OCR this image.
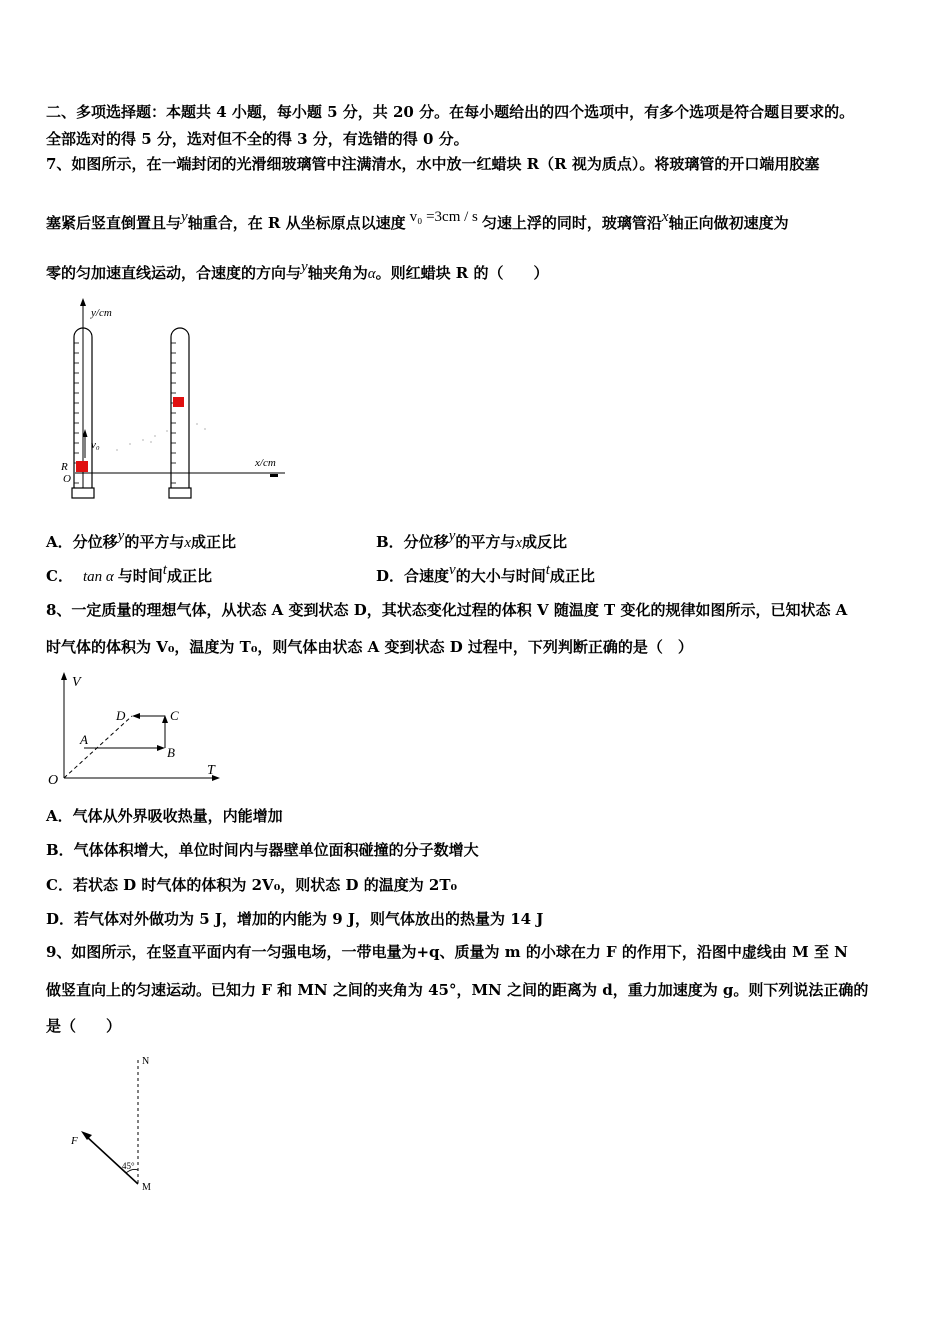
二、多项选择题：本题共 4 小题，每小题 5 分，共 20 分。在每小题给出的四个选项中，有多个选项是符合题目要求的。
全部选对的得 5 分，选对但不全的得 3 分，有选错的得 0 分。
7、如图所示，在一端封闭的光滑细玻璃管中注满清水，水中放一红蜡块 R（R 视为质点）。将玻璃管的开口端用胶塞
塞紧后竖直倒置且与y轴重合，在 R 从坐标原点以速度 v₀ =3cm / s 匀速上浮的同时，玻璃管沿x轴正向做初速度为
零的匀加速直线运动，合速度的方向与y轴夹角为α。则红蜡块 R 的（　　）
y/cm
x/cm
v₀
R
O
A．分位移y的平方与x成正比	B．分位移y的平方与x成反比
C． tan α 与时间t成正比	D．合速度v的大小与时间t成正比
8、一定质量的理想气体，从状态 A 变到状态 D，其状态变化过程的体积 V 随温度 T 变化的规律如图所示，已知状态 A
时气体的体积为 V₀，温度为 T₀，则气体由状态 A 变到状态 D 过程中，下列判断正确的是（　）
V
T
O
A
B
C
D
A．气体从外界吸收热量，内能增加
B．气体体积增大，单位时间内与器壁单位面积碰撞的分子数增大
C．若状态 D 时气体的体积为 2V₀，则状态 D 的温度为 2T₀
D．若气体对外做功为 5 J，增加的内能为 9 J，则气体放出的热量为 14 J
9、如图所示，在竖直平面内有一匀强电场，一带电量为+q、质量为 m 的小球在力 F 的作用下，沿图中虚线由 M 至 N
做竖直向上的匀速运动。已知力 F 和 MN 之间的夹角为 45°，MN 之间的距离为 d，重力加速度为 g。则下列说法正确的
是（　　）
N
M
F
45°
